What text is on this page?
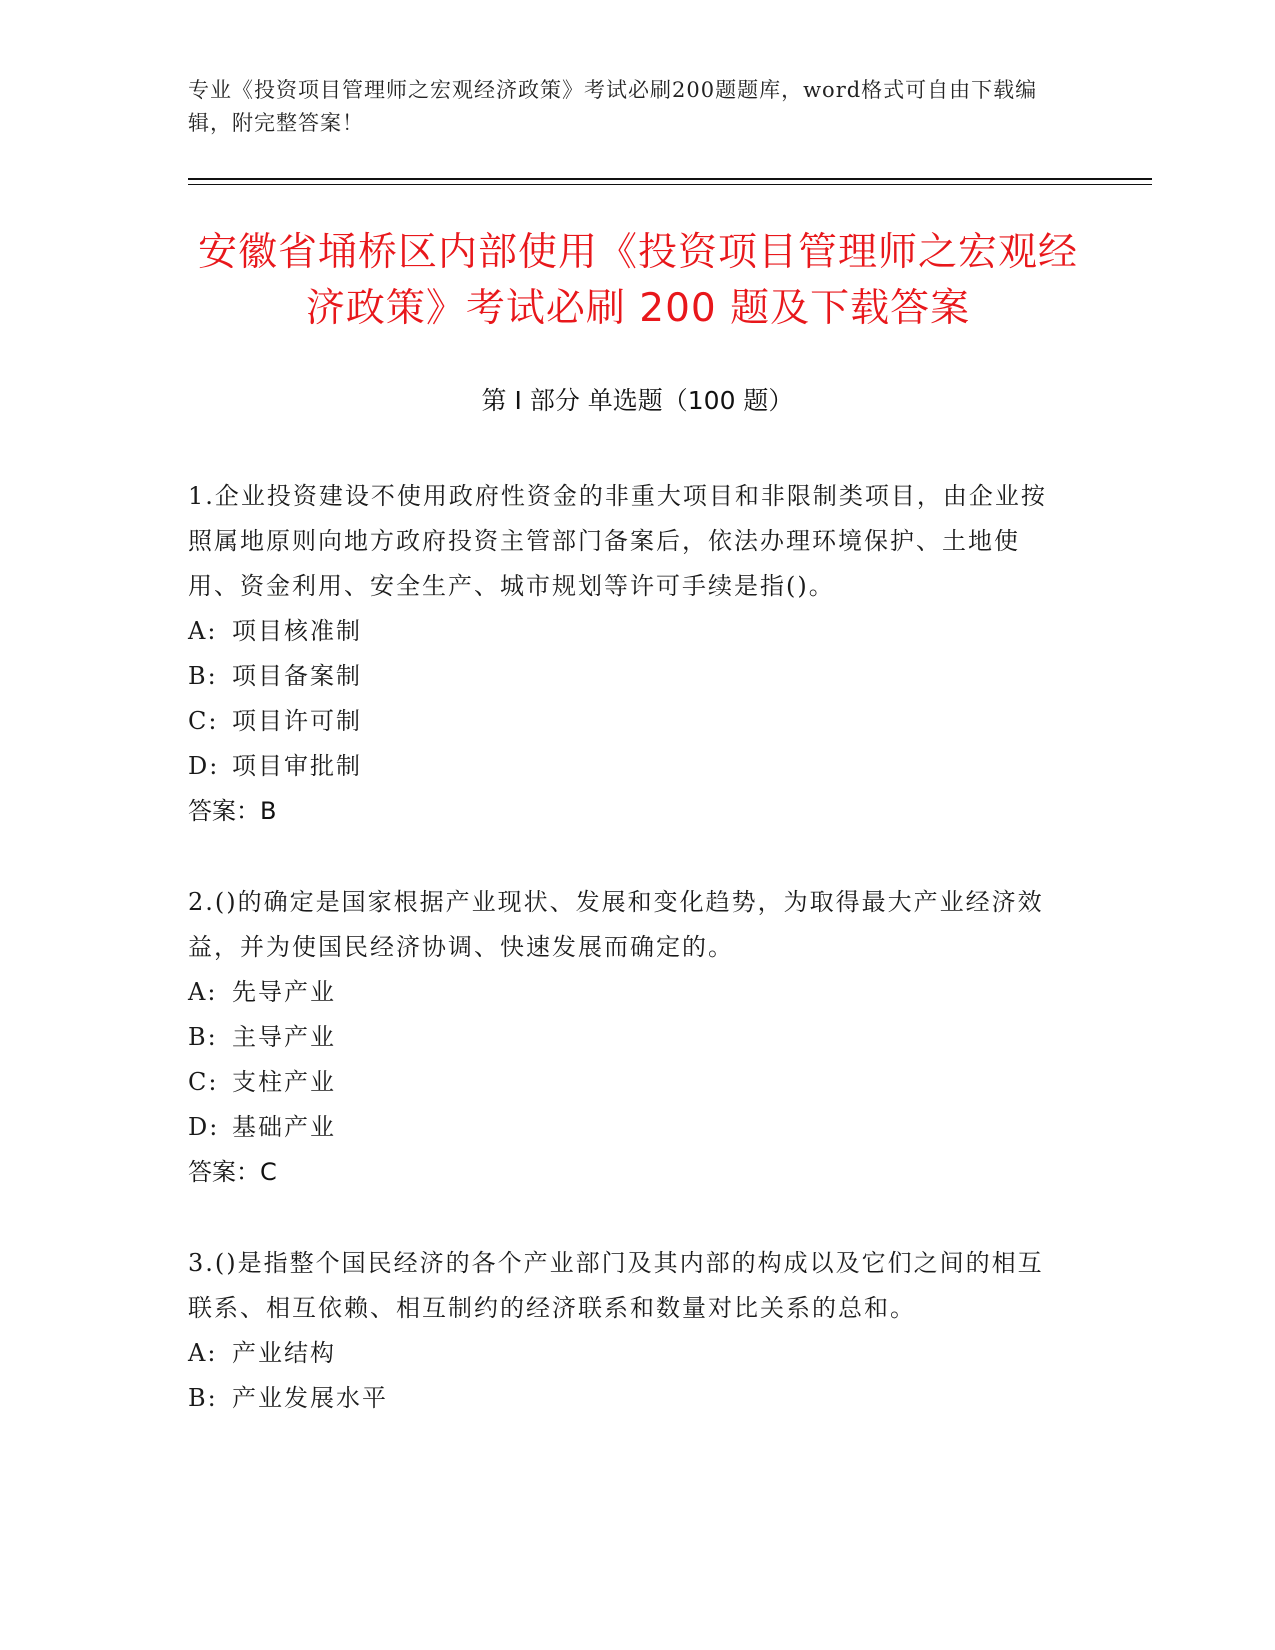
专业《投资项目管理师之宏观经济政策》考试必刷200题题库，word格式可自由下载编辑，附完整答案！
安徽省埇桥区内部使用《投资项目管理师之宏观经济政策》考试必刷 200 题及下载答案
第 I 部分 单选题（100 题）

1.企业投资建设不使用政府性资金的非重大项目和非限制类项目，由企业按照属地原则向地方政府投资主管部门备案后，依法办理环境保护、土地使用、资金利用、安全生产、城市规划等许可手续是指()。

A: 项目核准制

B: 项目备案制

C: 项目许可制

D: 项目审批制

答案：B

2.()的确定是国家根据产业现状、发展和变化趋势，为取得最大产业经济效益，并为使国民经济协调、快速发展而确定的。

A: 先导产业

B: 主导产业

C: 支柱产业

D: 基础产业

答案：C

3.()是指整个国民经济的各个产业部门及其内部的构成以及它们之间的相互联系、相互依赖、相互制约的经济联系和数量对比关系的总和。

A: 产业结构

B: 产业发展水平
